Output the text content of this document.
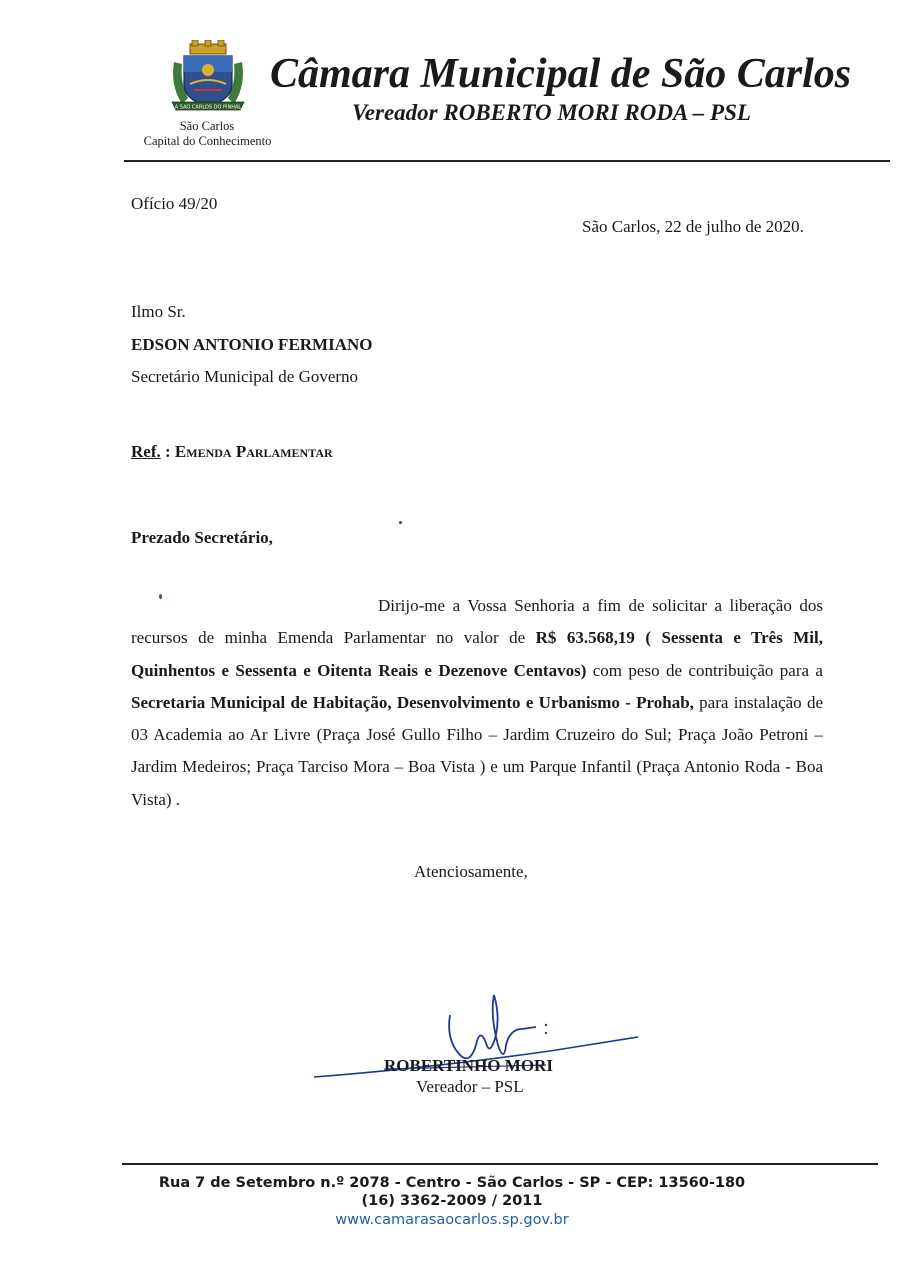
A SAO CARLOS DO PINHAL
São Carlos
Capital do Conhecimento
Câmara Municipal de São Carlos
Vereador ROBERTO MORI RODA – PSL
Ofício 49/20
São Carlos, 22 de julho de 2020.
Ilmo Sr.
EDSON ANTONIO FERMIANO
Secretário Municipal de Governo
Ref. : Emenda Parlamentar
Prezado Secretário,

Dirijo-me a Vossa Senhoria a fim de solicitar a liberação dos recursos de minha Emenda Parlamentar no valor de R$ 63.568,19 ( Sessenta e Três Mil, Quinhentos e Sessenta e Oitenta Reais e Dezenove Centavos) com peso de contribuição para a Secretaria Municipal de Habitação, Desenvolvimento e Urbanismo - Prohab, para instalação de 03 Academia ao Ar Livre (Praça José Gullo Filho – Jardim Cruzeiro do Sul; Praça João Petroni – Jardim Medeiros; Praça Tarciso Mora – Boa Vista ) e um Parque Infantil (Praça Antonio Roda - Boa Vista) .

Atenciosamente,
ROBERTINHO MORI
Vereador – PSL
Rua 7 de Setembro n.º 2078 - Centro - São Carlos - SP - CEP: 13560-180
(16) 3362-2009 / 2011
www.camarasaocarlos.sp.gov.br
